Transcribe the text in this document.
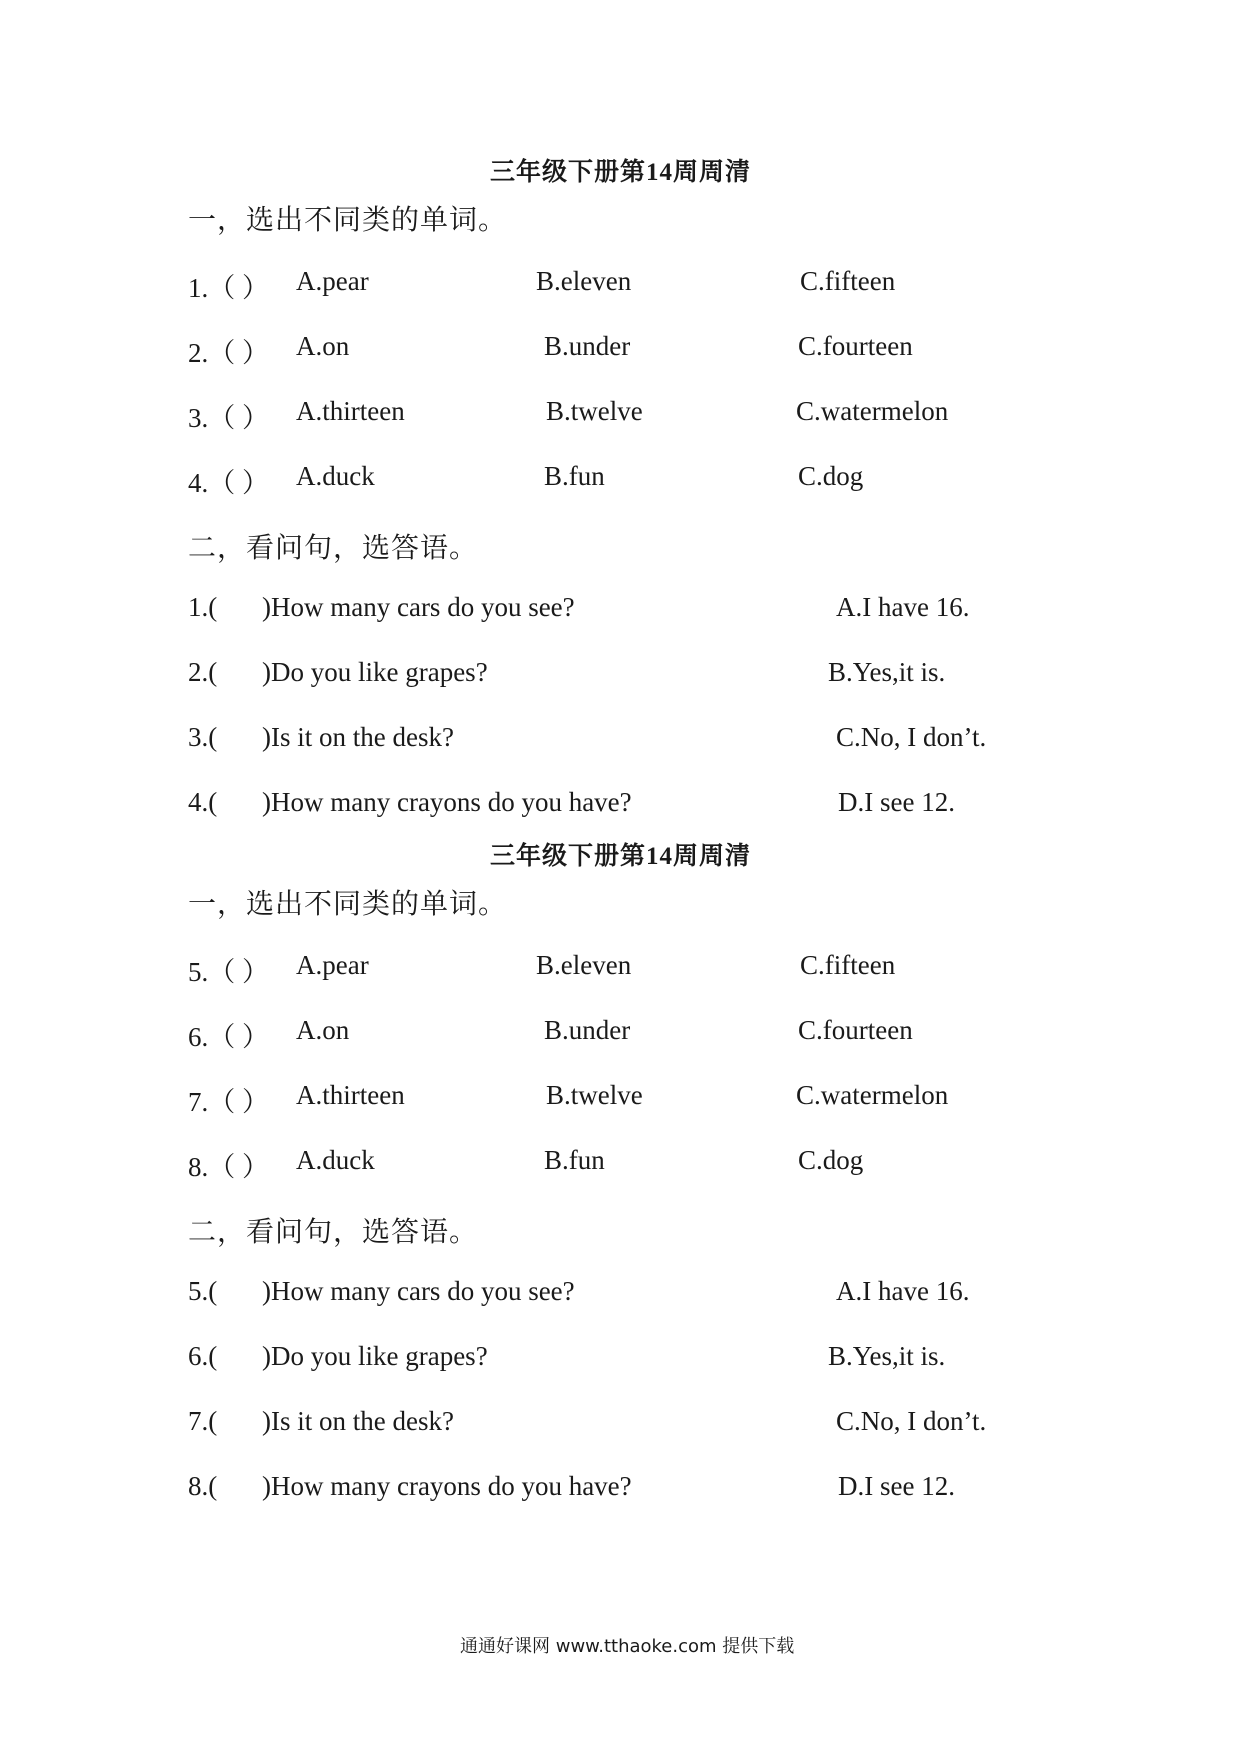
三年级下册第14周周清
一，选出不同类的单词。
1.（ ） A.pear	B.eleven	C.fifteen
2.（ ） A.on	B.under	C.fourteen
3.（ ） A.thirteen	B.twelve	C.watermelon
4.（ ） A.duck	B.fun	C.dog
二，看问句，选答语。
1.( )How many cars do you see?	A.I have 16.
2.( )Do you like grapes?	B.Yes,it is.
3.( )Is it on the desk?	C.No, I don’t.
4.( )How many crayons do you have?	D.I see 12.
三年级下册第14周周清
一，选出不同类的单词。
5.（ ） A.pear	B.eleven	C.fifteen
6.（ ） A.on	B.under	C.fourteen
7.（ ） A.thirteen	B.twelve	C.watermelon
8.（ ） A.duck	B.fun	C.dog
二，看问句，选答语。
5.( )How many cars do you see?	A.I have 16.
6.( )Do you like grapes?	B.Yes,it is.
7.( )Is it on the desk?	C.No, I don’t.
8.( )How many crayons do you have?	D.I see 12.
通通好课网 www.tthaoke.com 提供下载
